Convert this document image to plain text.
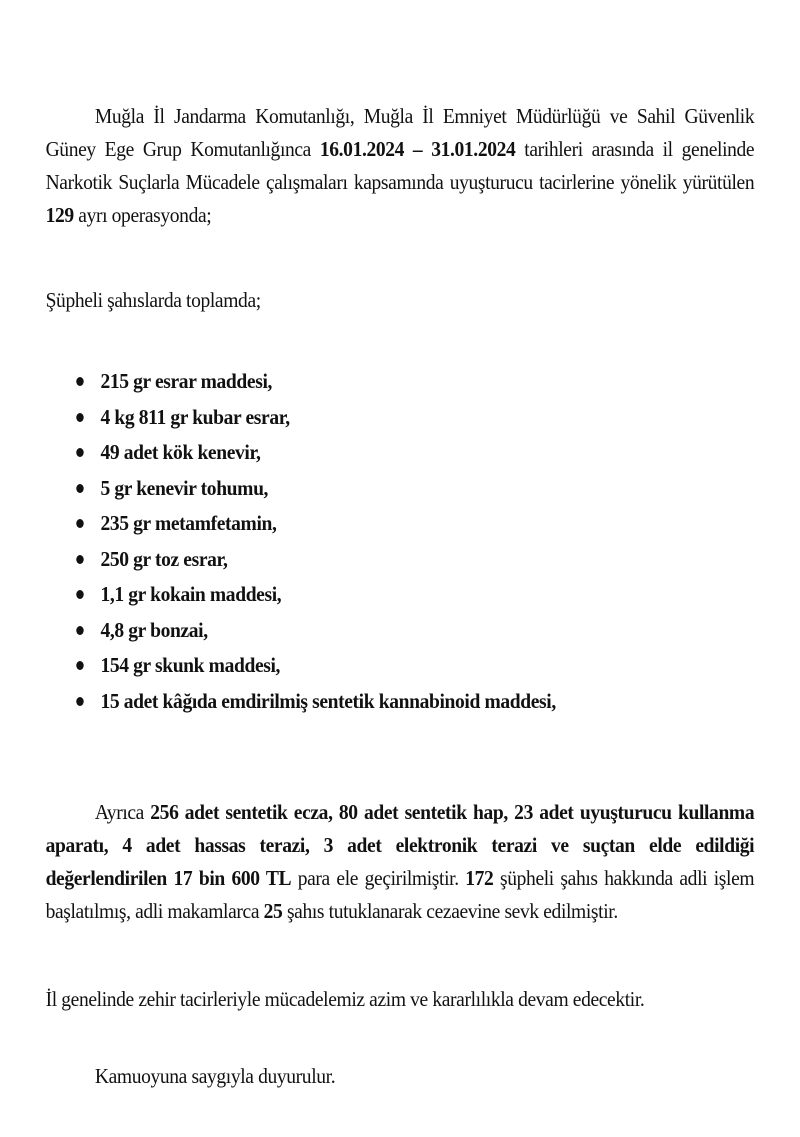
Muğla İl Jandarma Komutanlığı, Muğla İl Emniyet Müdürlüğü ve Sahil Güvenlik Güney Ege Grup Komutanlığınca 16.01.2024 – 31.01.2024 tarihleri arasında il genelinde Narkotik Suçlarla Mücadele çalışmaları kapsamında uyuşturucu tacirlerine yönelik yürütülen 129 ayrı operasyonda;

Şüpheli şahıslarda toplamda;

215 gr esrar maddesi,
4 kg 811 gr kubar esrar,
49 adet kök kenevir,
5 gr kenevir tohumu,
235 gr metamfetamin,
250 gr toz esrar,
1,1 gr kokain maddesi,
4,8 gr bonzai,
154 gr skunk maddesi,
15 adet kâğıda emdirilmiş sentetik kannabinoid maddesi,

Ayrıca 256 adet sentetik ecza, 80 adet sentetik hap, 23 adet uyuşturucu kullanma aparatı, 4 adet hassas terazi, 3 adet elektronik terazi ve suçtan elde edildiği değerlendirilen 17 bin 600 TL para ele geçirilmiştir. 172 şüpheli şahıs hakkında adli işlem başlatılmış, adli makamlarca 25 şahıs tutuklanarak cezaevine sevk edilmiştir.

İl genelinde zehir tacirleriyle mücadelemiz azim ve kararlılıkla devam edecektir.

Kamuoyuna saygıyla duyurulur.
